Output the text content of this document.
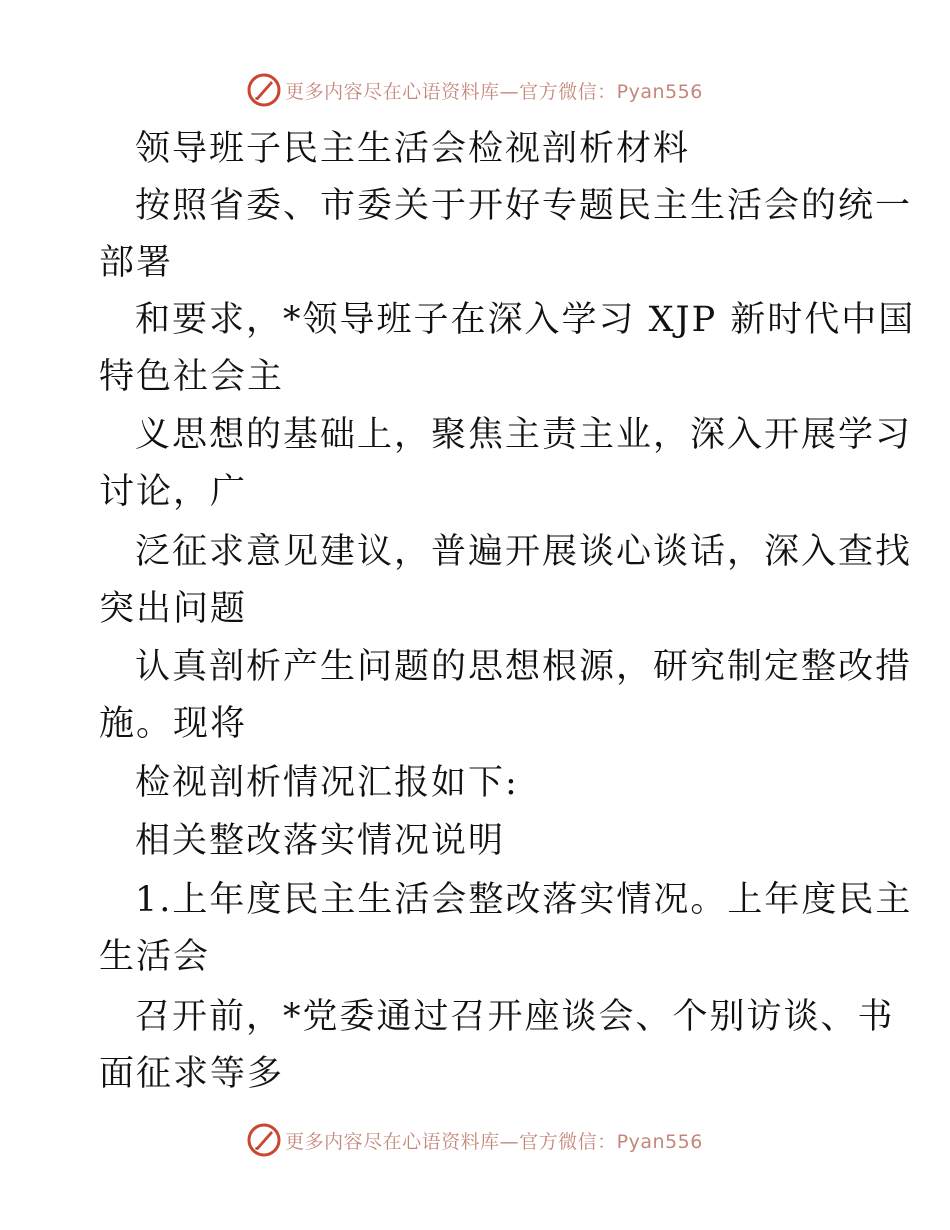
更多内容尽在心语资料库—官方微信：Pyan556
领导班子民主生活会检视剖析材料
按照省委、市委关于开好专题民主生活会的统一
部署
和要求，*领导班子在深入学习 XJP 新时代中国
特色社会主
义思想的基础上，聚焦主责主业，深入开展学习
讨论，广
泛征求意见建议，普遍开展谈心谈话，深入查找
突出问题
认真剖析产生问题的思想根源，研究制定整改措
施。现将
检视剖析情况汇报如下:
相关整改落实情况说明
1.上年度民主生活会整改落实情况。上年度民主
生活会
召开前，*党委通过召开座谈会、个别访谈、书
面征求等多
更多内容尽在心语资料库—官方微信：Pyan556
